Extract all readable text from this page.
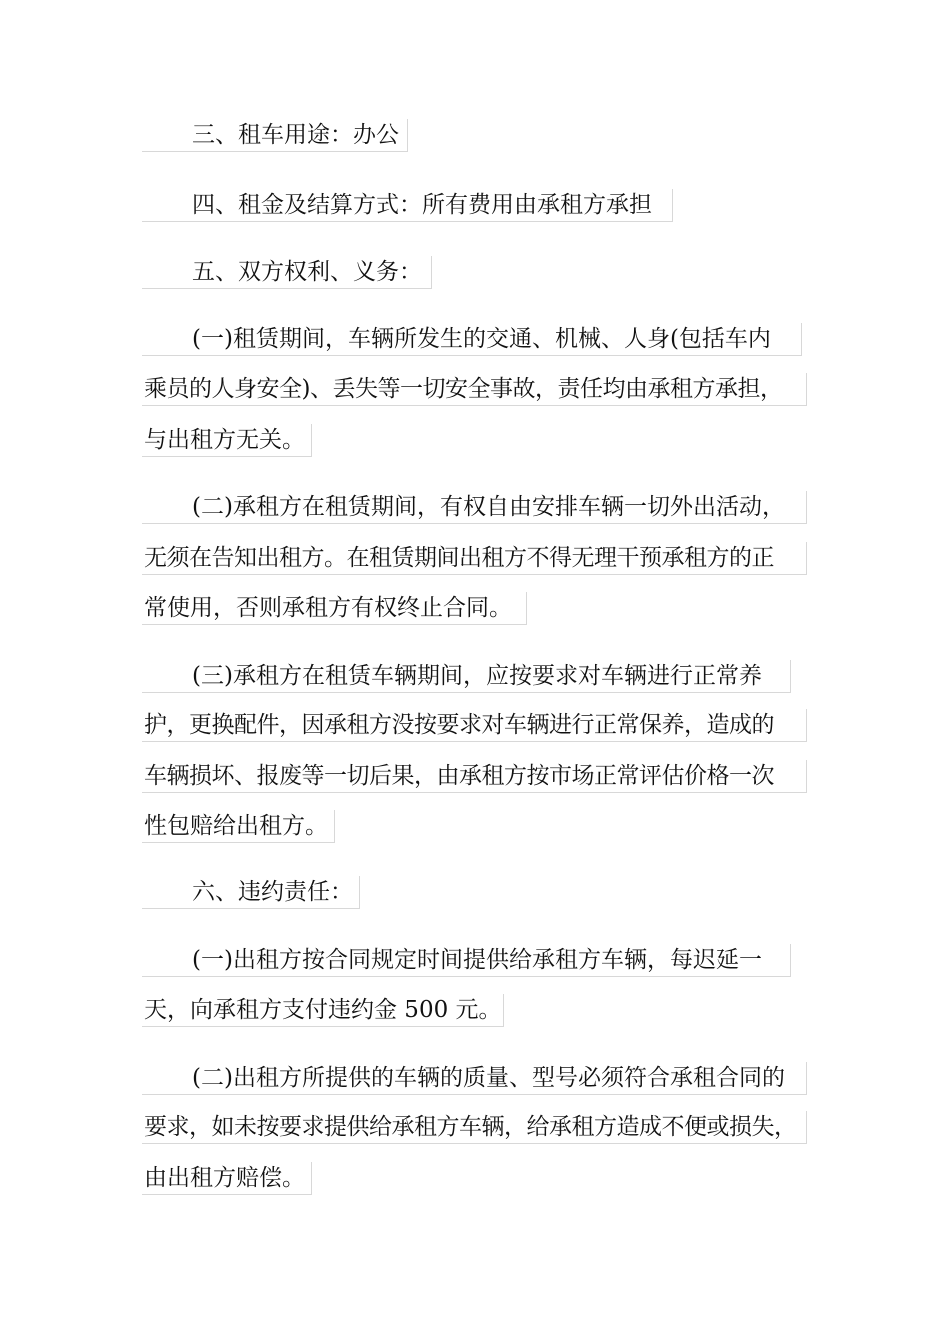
三、租车用途：办公
四、租金及结算方式：所有费用由承租方承担
五、双方权利、义务：
(一)租赁期间，车辆所发生的交通、机械、人身(包括车内
乘员的人身安全)、丢失等一切安全事故，责任均由承租方承担，
与出租方无关。
(二)承租方在租赁期间，有权自由安排车辆一切外出活动，
无须在告知出租方。在租赁期间出租方不得无理干预承租方的正
常使用，否则承租方有权终止合同。
(三)承租方在租赁车辆期间，应按要求对车辆进行正常养
护，更换配件，因承租方没按要求对车辆进行正常保养，造成的
车辆损坏、报废等一切后果，由承租方按市场正常评估价格一次
性包赔给出租方。
六、违约责任：
(一)出租方按合同规定时间提供给承租方车辆，每迟延一
天，向承租方支付违约金 500 元。
(二)出租方所提供的车辆的质量、型号必须符合承租合同的
要求，如未按要求提供给承租方车辆，给承租方造成不便或损失，
由出租方赔偿。
